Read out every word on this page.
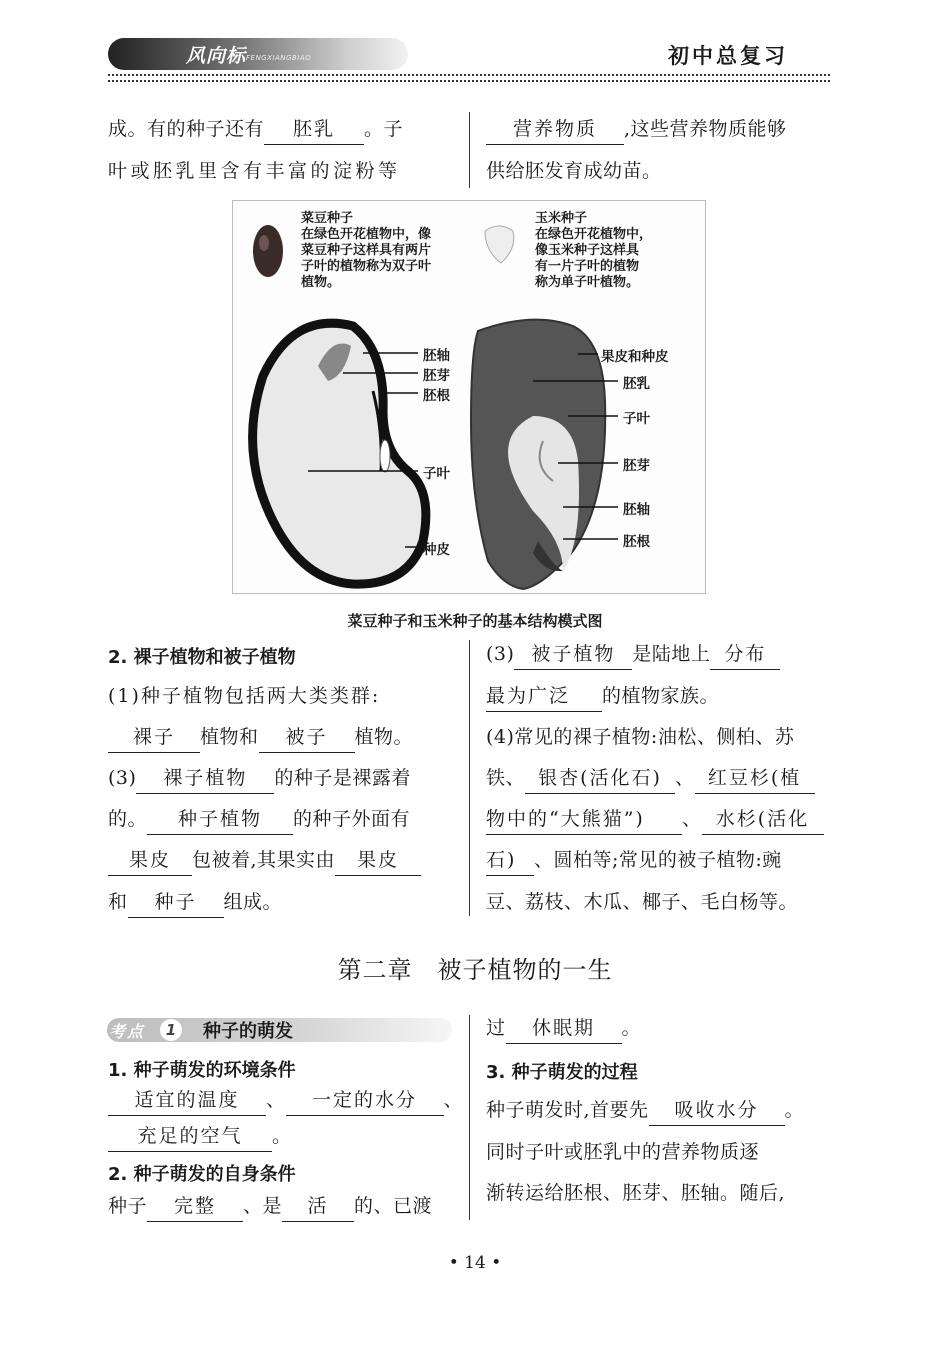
风向标 FENGXIANGBIAO	初中总复习
成。有的种子还有 胚乳 。子
叶或胚乳里含有丰富的淀粉等
营养物质 ,这些营养物质能够
供给胚发育成幼苗。
菜豆种子
在绿色开花植物中，像
菜豆种子这样具有两片
子叶的植物称为双子叶
植物。
玉米种子
在绿色开花植物中，
像玉米种子这样具
有一片子叶的植物
称为单子叶植物。
胚轴
胚芽
胚根
子叶
种皮
果皮和种皮
胚乳
子叶
胚芽
胚轴
胚根
菜豆种子和玉米种子的基本结构模式图
2. 裸子植物和被子植物
(1)种子植物包括两大类类群:
裸子 植物和 被子 植物。
(3) 裸子植物 的种子是裸露着
的。 种子植物 的种子外面有
果皮 包被着,其果实由 果皮
和 种子 组成。
(3) 被子植物 是陆地上 分布
最为广泛 的植物家族。
(4)常见的裸子植物:油松、侧柏、苏
铁、 银杏(活化石) 、 红豆杉(植
物中的“大熊猫”) 、 水杉(活化
石) 、圆柏等;常见的被子植物:豌
豆、荔枝、木瓜、椰子、毛白杨等。
第二章　被子植物的一生
考点	1	种子的萌发
1. 种子萌发的环境条件
适宜的温度 、 一定的水分 、
充足的空气 。
2. 种子萌发的自身条件
种子 完整 、是 活 的、已渡
过 休眠期 。
3. 种子萌发的过程
种子萌发时,首要先 吸收水分 。
同时子叶或胚乳中的营养物质逐
渐转运给胚根、胚芽、胚轴。随后,
• 14 •
